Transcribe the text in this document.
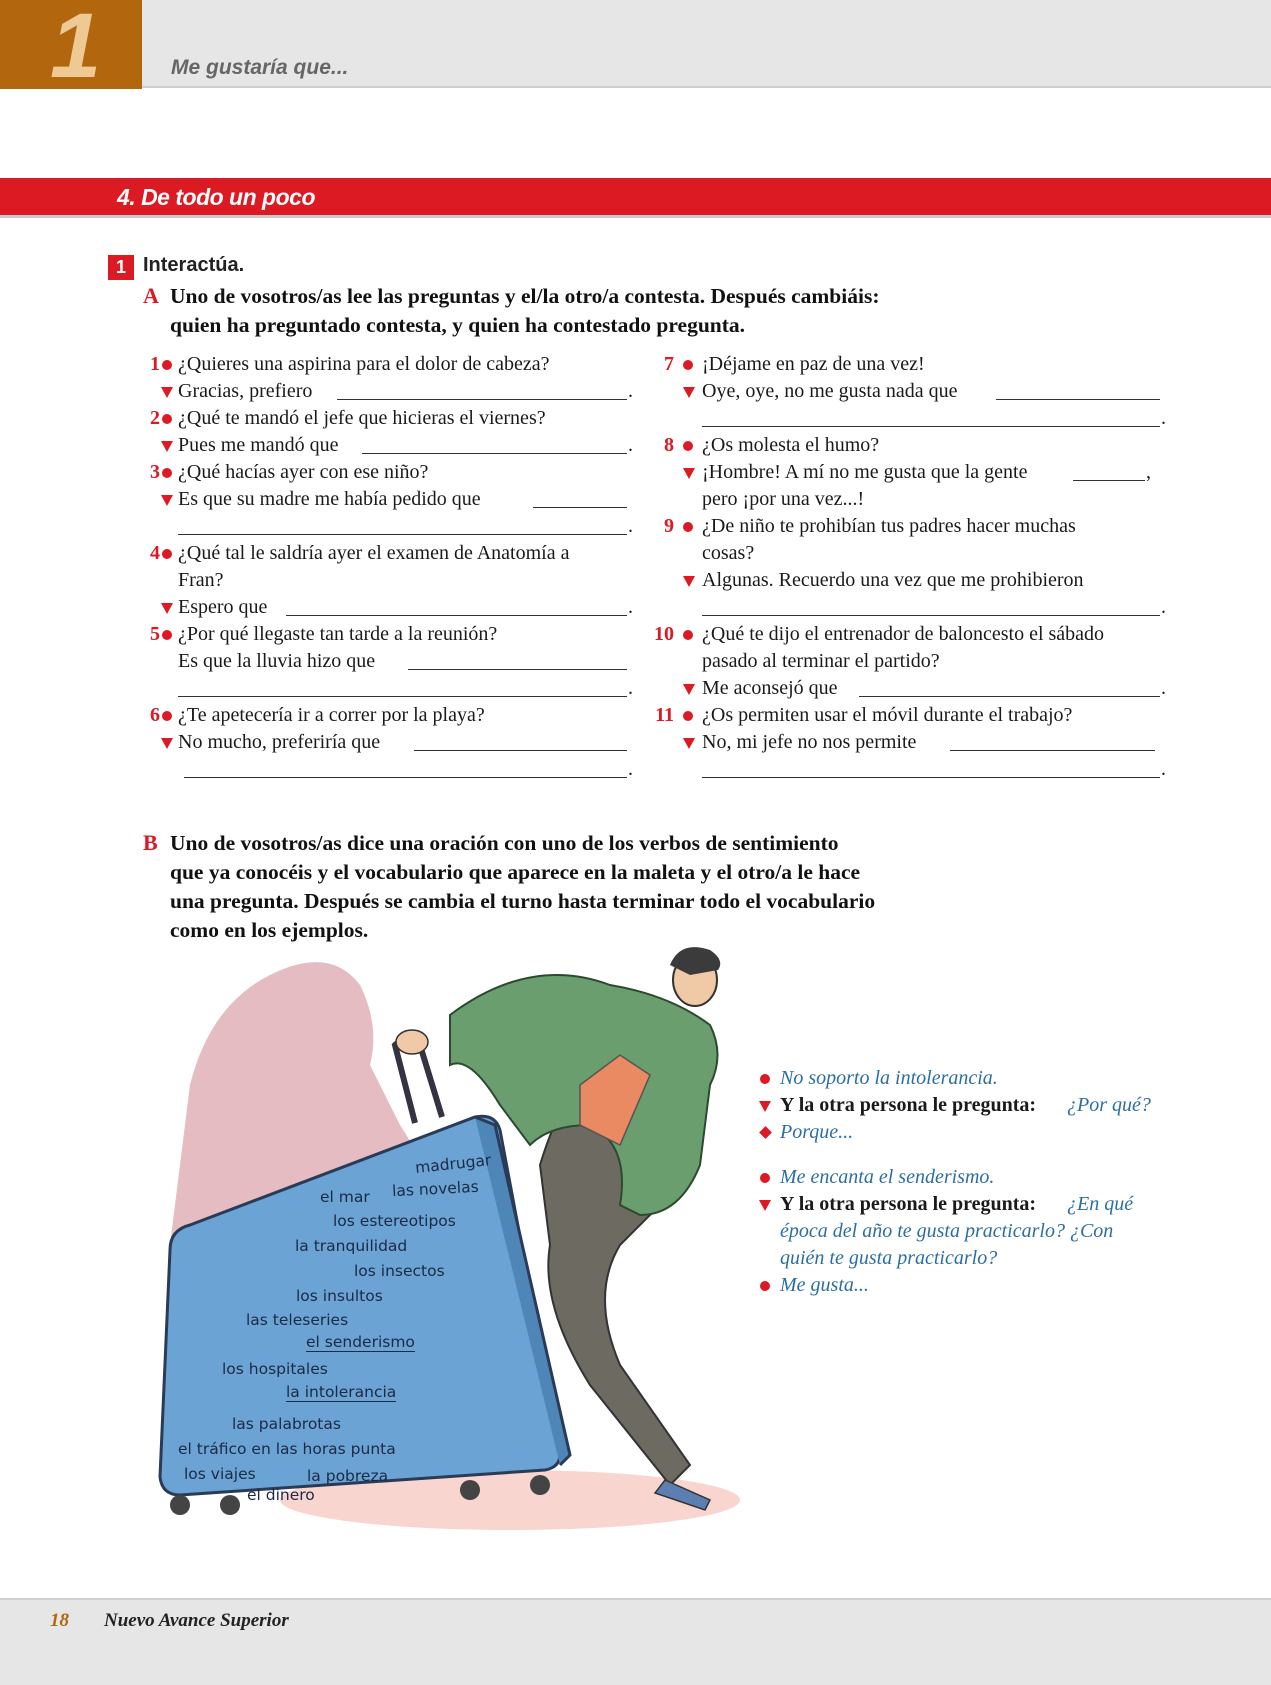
1	Me gustaría que...
4. De todo un poco
1 Interactúa.
A Uno de vosotros/as lee las preguntas y el/la otro/a contesta. Después cambiáis:
quien ha preguntado contesta, y quien ha contestado pregunta.
1 ¿Quieres una aspirina para el dolor de cabeza?
Gracias, prefiero	.
2 ¿Qué te mandó el jefe que hicieras el viernes?
Pues me mandó que	.
3 ¿Qué hacías ayer con ese niño?
Es que su madre me había pedido que
.
4 ¿Qué tal le saldría ayer el examen de Anatomía a
Fran?
Espero que	.
5 ¿Por qué llegaste tan tarde a la reunión?
Es que la lluvia hizo que
.
6 ¿Te apetecería ir a correr por la playa?
No mucho, preferiría que
.
7 ¡Déjame en paz de una vez!
Oye, oye, no me gusta nada que
.
8 ¿Os molesta el humo?
¡Hombre! A mí no me gusta que la gente	,
pero ¡por una vez...!
9 ¿De niño te prohibían tus padres hacer muchas
cosas?
Algunas. Recuerdo una vez que me prohibieron
.
10 ¿Qué te dijo el entrenador de baloncesto el sábado
pasado al terminar el partido?
Me aconsejó que	.
11 ¿Os permiten usar el móvil durante el trabajo?
No, mi jefe no nos permite
.
B Uno de vosotros/as dice una oración con uno de los verbos de sentimiento
que ya conocéis y el vocabulario que aparece en la maleta y el otro/a le hace
una pregunta. Después se cambia el turno hasta terminar todo el vocabulario
como en los ejemplos.
madrugar
las novelas
el mar
los estereotipos
la tranquilidad
los insectos
los insultos
las teleseries
el senderismo
los hospitales
la intolerancia
las palabrotas
el tráfico en las horas punta
los viajes	la pobreza
el dinero
No soporto la intolerancia.
Y la otra persona le pregunta: ¿Por qué?
Porque...
Me encanta el senderismo.
Y la otra persona le pregunta: ¿En qué
época del año te gusta practicarlo? ¿Con
quién te gusta practicarlo?
Me gusta...
18 Nuevo Avance Superior
